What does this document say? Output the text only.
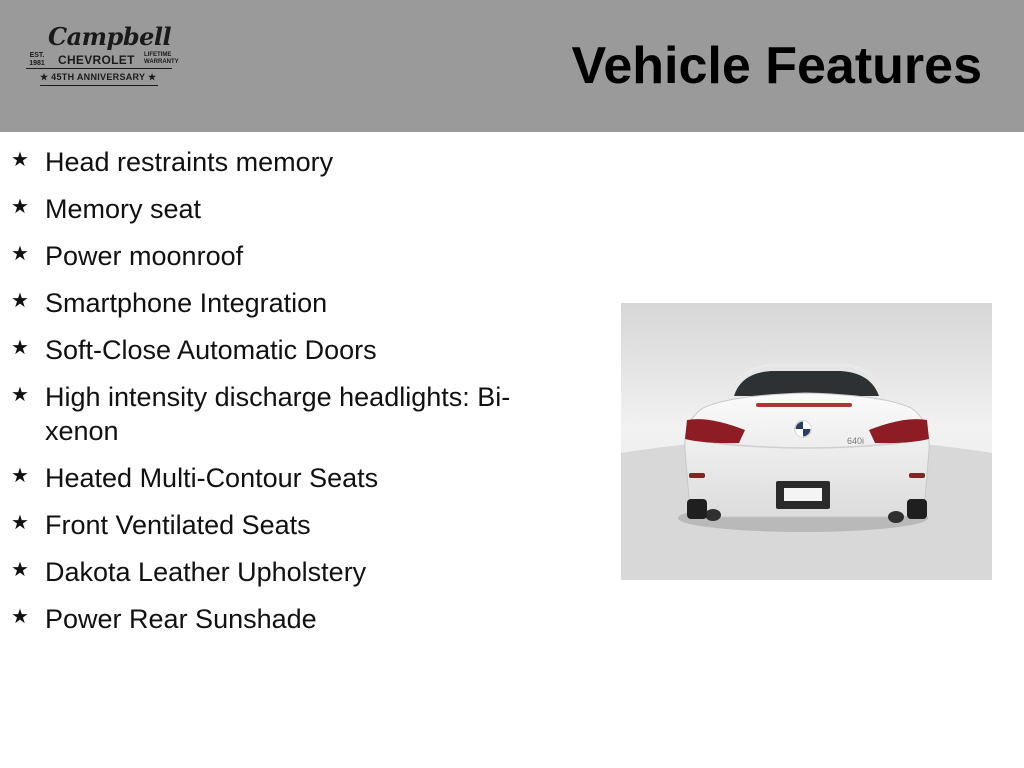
Campbell
EST. 1981 CHEVROLET LIFETIME WARRANTY
★ 45TH ANNIVERSARY ★	Vehicle Features
★ Head restraints memory
★ Memory seat
★ Power moonroof
★ Smartphone Integration
★ Soft-Close Automatic Doors
★ High intensity discharge headlights: Bi-xenon
★ Heated Multi-Contour Seats
★ Front Ventilated Seats
★ Dakota Leather Upholstery
★ Power Rear Sunshade
640i
